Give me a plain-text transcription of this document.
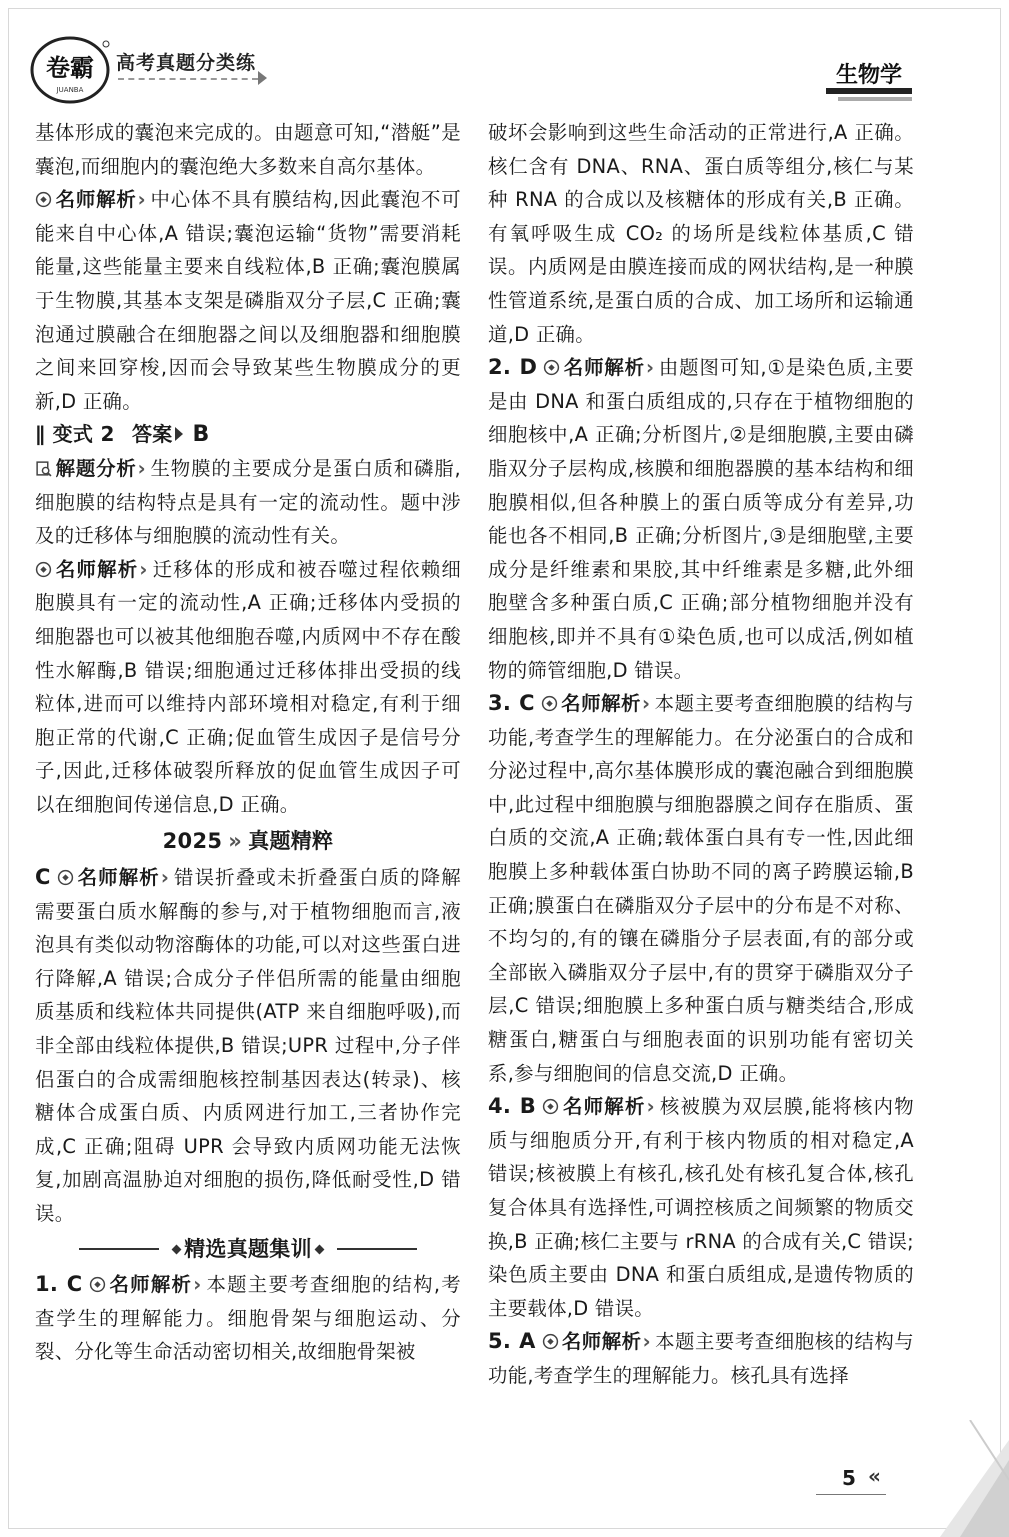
卷霸
JUANBA
高考真题分类练	生物学

基体形成的囊泡来完成的。由题意可知,“潜艇”是囊泡,而细胞内的囊泡绝大多数来自高尔基体。

名师解析› 中心体不具有膜结构,因此囊泡不可能来自中心体,A 错误;囊泡运输“货物”需要消耗能量,这些能量主要来自线粒体,B 正确;囊泡膜属于生物膜,其基本支架是磷脂双分子层,C 正确;囊泡通过膜融合在细胞器之间以及细胞器和细胞膜之间来回穿梭,因而会导致某些生物膜成分的更新,D 正确。

∥ 变式 2 答案 B

解题分析› 生物膜的主要成分是蛋白质和磷脂,细胞膜的结构特点是具有一定的流动性。题中涉及的迁移体与细胞膜的流动性有关。

名师解析› 迁移体的形成和被吞噬过程依赖细胞膜具有一定的流动性,A 正确;迁移体内受损的细胞器也可以被其他细胞吞噬,内质网中不存在酸性水解酶,B 错误;细胞通过迁移体排出受损的线粒体,进而可以维持内部环境相对稳定,有利于细胞正常的代谢,C 正确;促血管生成因子是信号分子,因此,迁移体破裂所释放的促血管生成因子可以在细胞间传递信息,D 正确。

2025 » 真题精粹

C 名师解析› 错误折叠或未折叠蛋白质的降解需要蛋白质水解酶的参与,对于植物细胞而言,液泡具有类似动物溶酶体的功能,可以对这些蛋白进行降解,A 错误;合成分子伴侣所需的能量由细胞质基质和线粒体共同提供(ATP 来自细胞呼吸),而非全部由线粒体提供,B 错误;UPR 过程中,分子伴侣蛋白的合成需细胞核控制基因表达(转录)、核糖体合成蛋白质、内质网进行加工,三者协作完成,C 正确;阻碍 UPR 会导致内质网功能无法恢复,加剧高温胁迫对细胞的损伤,降低耐受性,D 错误。

精选真题集训

1. C 名师解析› 本题主要考查细胞的结构,考查学生的理解能力。细胞骨架与细胞运动、分裂、分化等生命活动密切相关,故细胞骨架被

破坏会影响到这些生命活动的正常进行,A 正确。核仁含有 DNA、RNA、蛋白质等组分,核仁与某种 RNA 的合成以及核糖体的形成有关,B 正确。有氧呼吸生成 CO₂ 的场所是线粒体基质,C 错误。内质网是由膜连接而成的网状结构,是一种膜性管道系统,是蛋白质的合成、加工场所和运输通道,D 正确。

2. D 名师解析› 由题图可知,①是染色质,主要是由 DNA 和蛋白质组成的,只存在于植物细胞的细胞核中,A 正确;分析图片,②是细胞膜,主要由磷脂双分子层构成,核膜和细胞器膜的基本结构和细胞膜相似,但各种膜上的蛋白质等成分有差异,功能也各不相同,B 正确;分析图片,③是细胞壁,主要成分是纤维素和果胶,其中纤维素是多糖,此外细胞壁含多种蛋白质,C 正确;部分植物细胞并没有细胞核,即并不具有①染色质,也可以成活,例如植物的筛管细胞,D 错误。

3. C 名师解析› 本题主要考查细胞膜的结构与功能,考查学生的理解能力。在分泌蛋白的合成和分泌过程中,高尔基体膜形成的囊泡融合到细胞膜中,此过程中细胞膜与细胞器膜之间存在脂质、蛋白质的交流,A 正确;载体蛋白具有专一性,因此细胞膜上多种载体蛋白协助不同的离子跨膜运输,B 正确;膜蛋白在磷脂双分子层中的分布是不对称、不均匀的,有的镶在磷脂分子层表面,有的部分或全部嵌入磷脂双分子层中,有的贯穿于磷脂双分子层,C 错误;细胞膜上多种蛋白质与糖类结合,形成糖蛋白,糖蛋白与细胞表面的识别功能有密切关系,参与细胞间的信息交流,D 正确。

4. B 名师解析› 核被膜为双层膜,能将核内物质与细胞质分开,有利于核内物质的相对稳定,A 错误;核被膜上有核孔,核孔处有核孔复合体,核孔复合体具有选择性,可调控核质之间频繁的物质交换,B 正确;核仁主要与 rRNA 的合成有关,C 错误;染色质主要由 DNA 和蛋白质组成,是遗传物质的主要载体,D 错误。

5. A 名师解析› 本题主要考查细胞核的结构与功能,考查学生的理解能力。核孔具有选择

5 «
